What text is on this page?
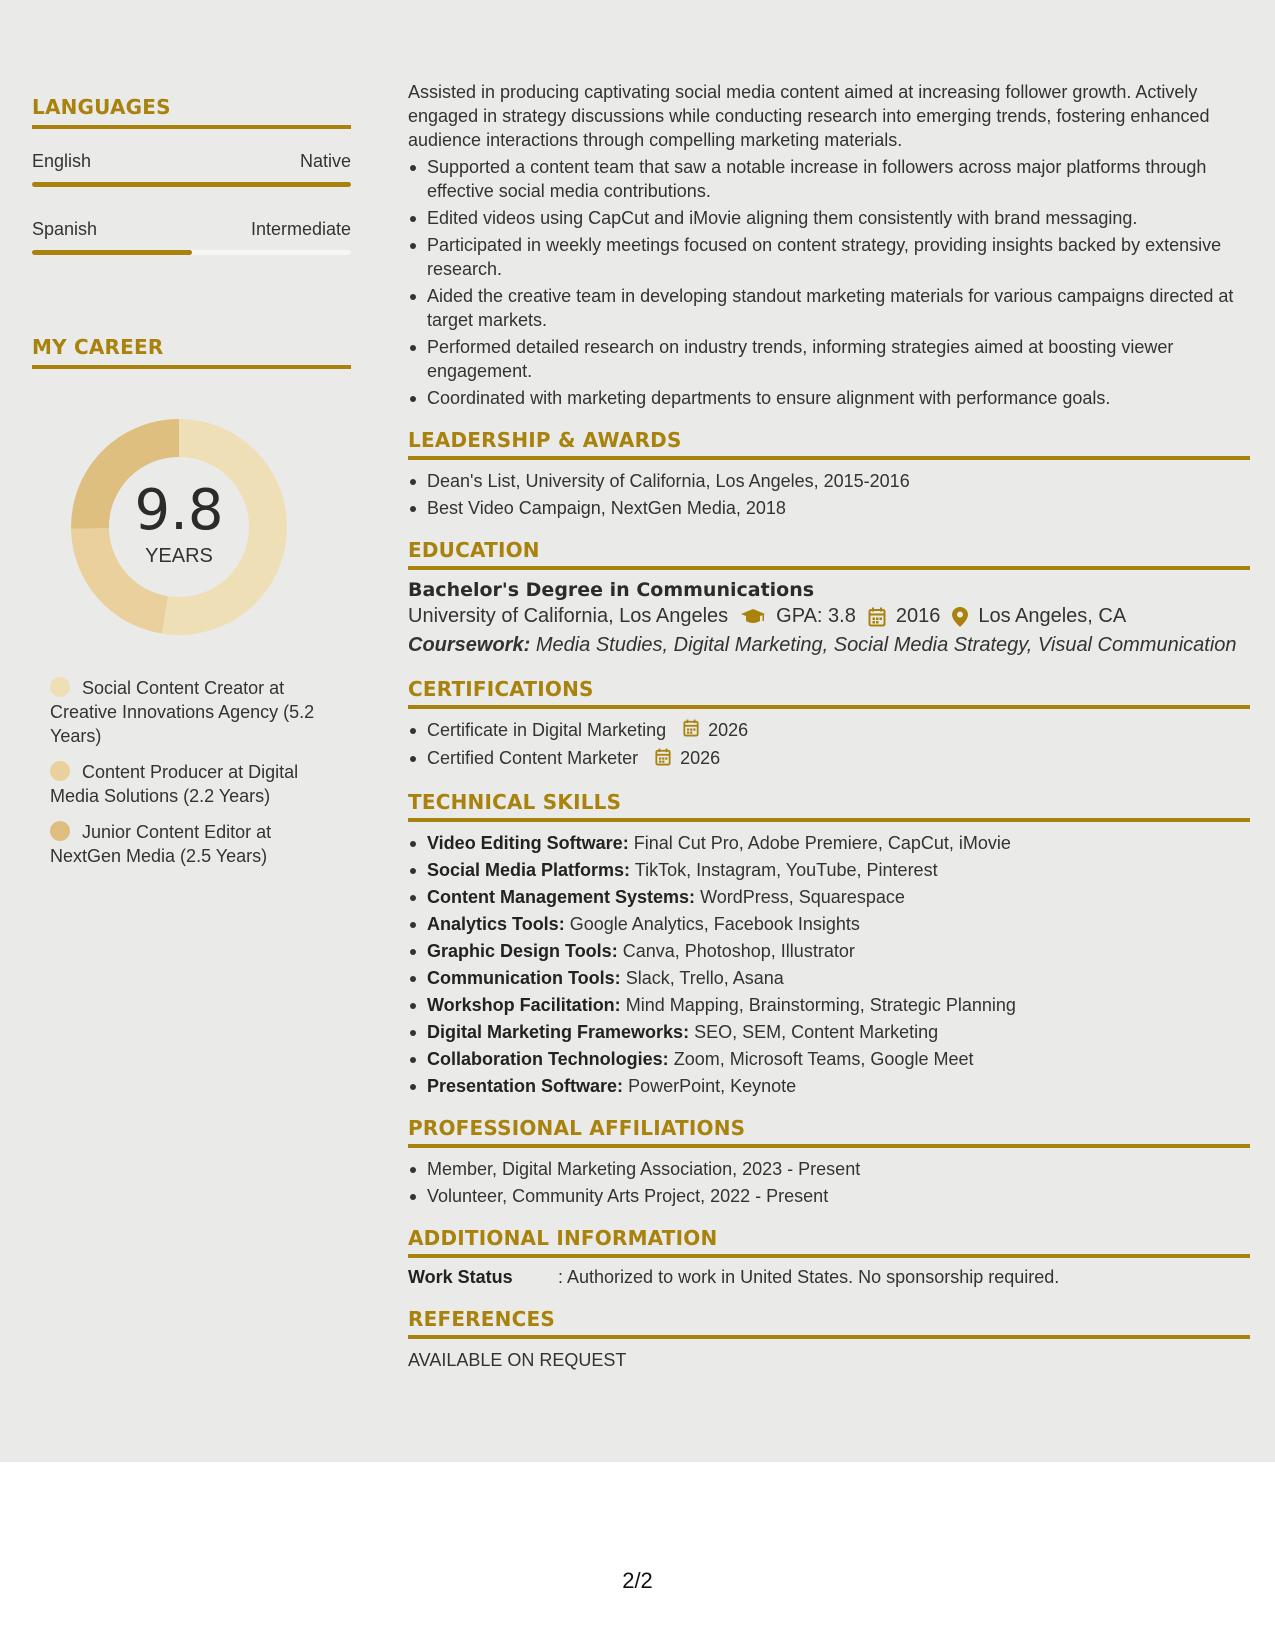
LANGUAGES
English	Native
Spanish	Intermediate
MY CAREER
9.8
YEARS
Social Content Creator at Creative Innovations Agency (5.2 Years)
Content Producer at Digital Media Solutions (2.2 Years)
Junior Content Editor at NextGen Media (2.5 Years)
Assisted in producing captivating social media content aimed at increasing follower growth. Actively engaged in strategy discussions while conducting research into emerging trends, fostering enhanced audience interactions through compelling marketing materials.
Supported a content team that saw a notable increase in followers across major platforms through effective social media contributions.
Edited videos using CapCut and iMovie aligning them consistently with brand messaging.
Participated in weekly meetings focused on content strategy, providing insights backed by extensive research.
Aided the creative team in developing standout marketing materials for various campaigns directed at target markets.
Performed detailed research on industry trends, informing strategies aimed at boosting viewer engagement.
Coordinated with marketing departments to ensure alignment with performance goals.
LEADERSHIP & AWARDS
Dean's List, University of California, Los Angeles, 2015-2016
Best Video Campaign, NextGen Media, 2018
EDUCATION
Bachelor's Degree in Communications
University of California, Los Angeles GPA: 3.8 2016 Los Angeles, CA
Coursework: Media Studies, Digital Marketing, Social Media Strategy, Visual Communication
CERTIFICATIONS
Certificate in Digital Marketing 2026
Certified Content Marketer 2026
TECHNICAL SKILLS
Video Editing Software: Final Cut Pro, Adobe Premiere, CapCut, iMovie
Social Media Platforms: TikTok, Instagram, YouTube, Pinterest
Content Management Systems: WordPress, Squarespace
Analytics Tools: Google Analytics, Facebook Insights
Graphic Design Tools: Canva, Photoshop, Illustrator
Communication Tools: Slack, Trello, Asana
Workshop Facilitation: Mind Mapping, Brainstorming, Strategic Planning
Digital Marketing Frameworks: SEO, SEM, Content Marketing
Collaboration Technologies: Zoom, Microsoft Teams, Google Meet
Presentation Software: PowerPoint, Keynote
PROFESSIONAL AFFILIATIONS
Member, Digital Marketing Association, 2023 - Present
Volunteer, Community Arts Project, 2022 - Present
ADDITIONAL INFORMATION
Work Status	: Authorized to work in United States. No sponsorship required.
REFERENCES
AVAILABLE ON REQUEST
2/2
